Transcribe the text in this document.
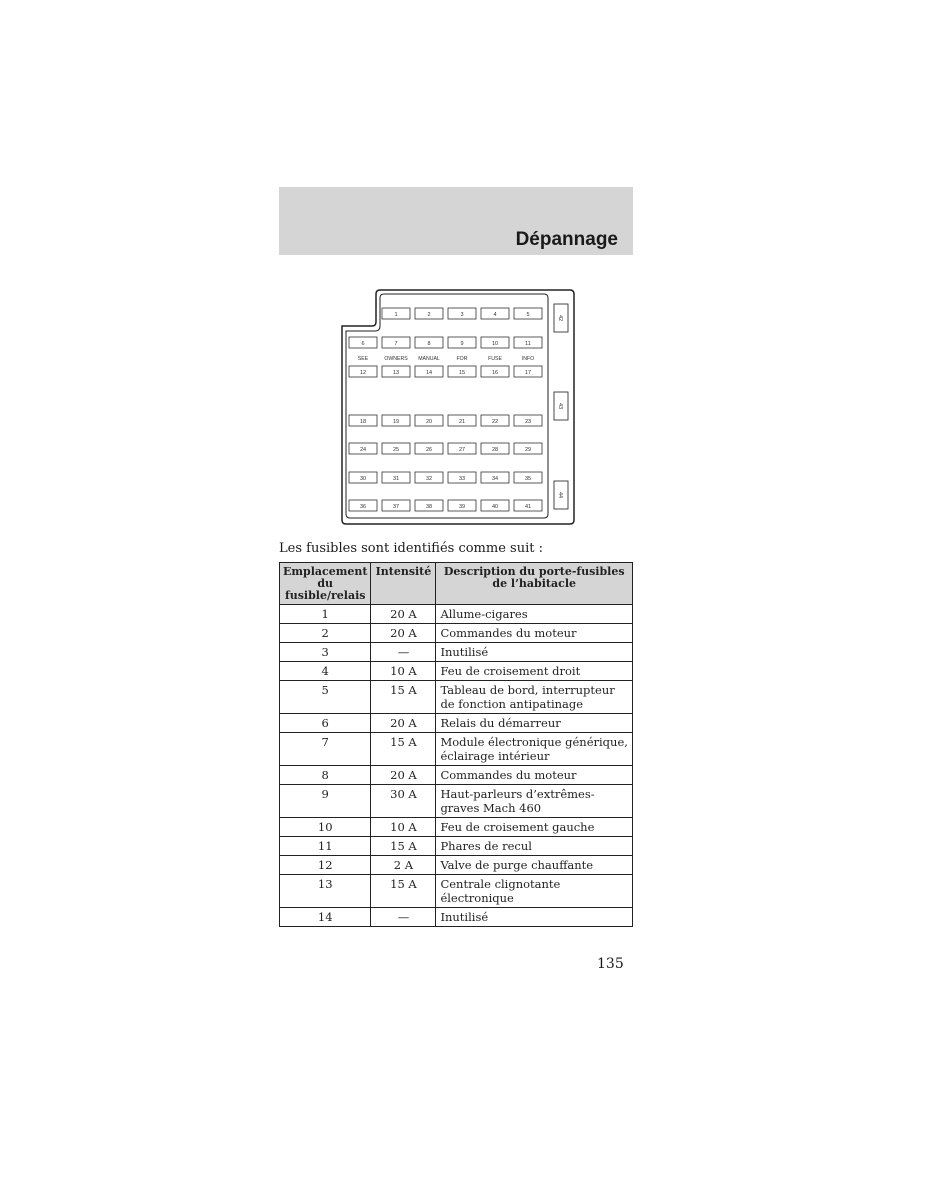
Dépannage
1	2	3	4	5
6	7	8	9	10	11
12	13	14	15	16	17
18	19	20	21	22	23
24	25	26	27	28	29
30	31	32	33	34	35
36	37	38	39	40	41
SEE	OWNERS MANUAL	FOR	FUSE	INFO
42
43
44
Les fusibles sont identifiés comme suit :
Emplacement du fusible/relais	Intensité	Description du porte-fusibles de l’habitacle
1	20 A	Allume-cigares
2	20 A	Commandes du moteur
3	—	Inutilisé
4	10 A	Feu de croisement droit
5	15 A	Tableau de bord, interrupteur de fonction antipatinage
6	20 A	Relais du démarreur
7	15 A	Module électronique générique, éclairage intérieur
8	20 A	Commandes du moteur
9	30 A	Haut-parleurs d’extrêmes-graves Mach 460
10	10 A	Feu de croisement gauche
11	15 A	Phares de recul
12	2 A	Valve de purge chauffante
13	15 A	Centrale clignotante électronique
14	—	Inutilisé
135
